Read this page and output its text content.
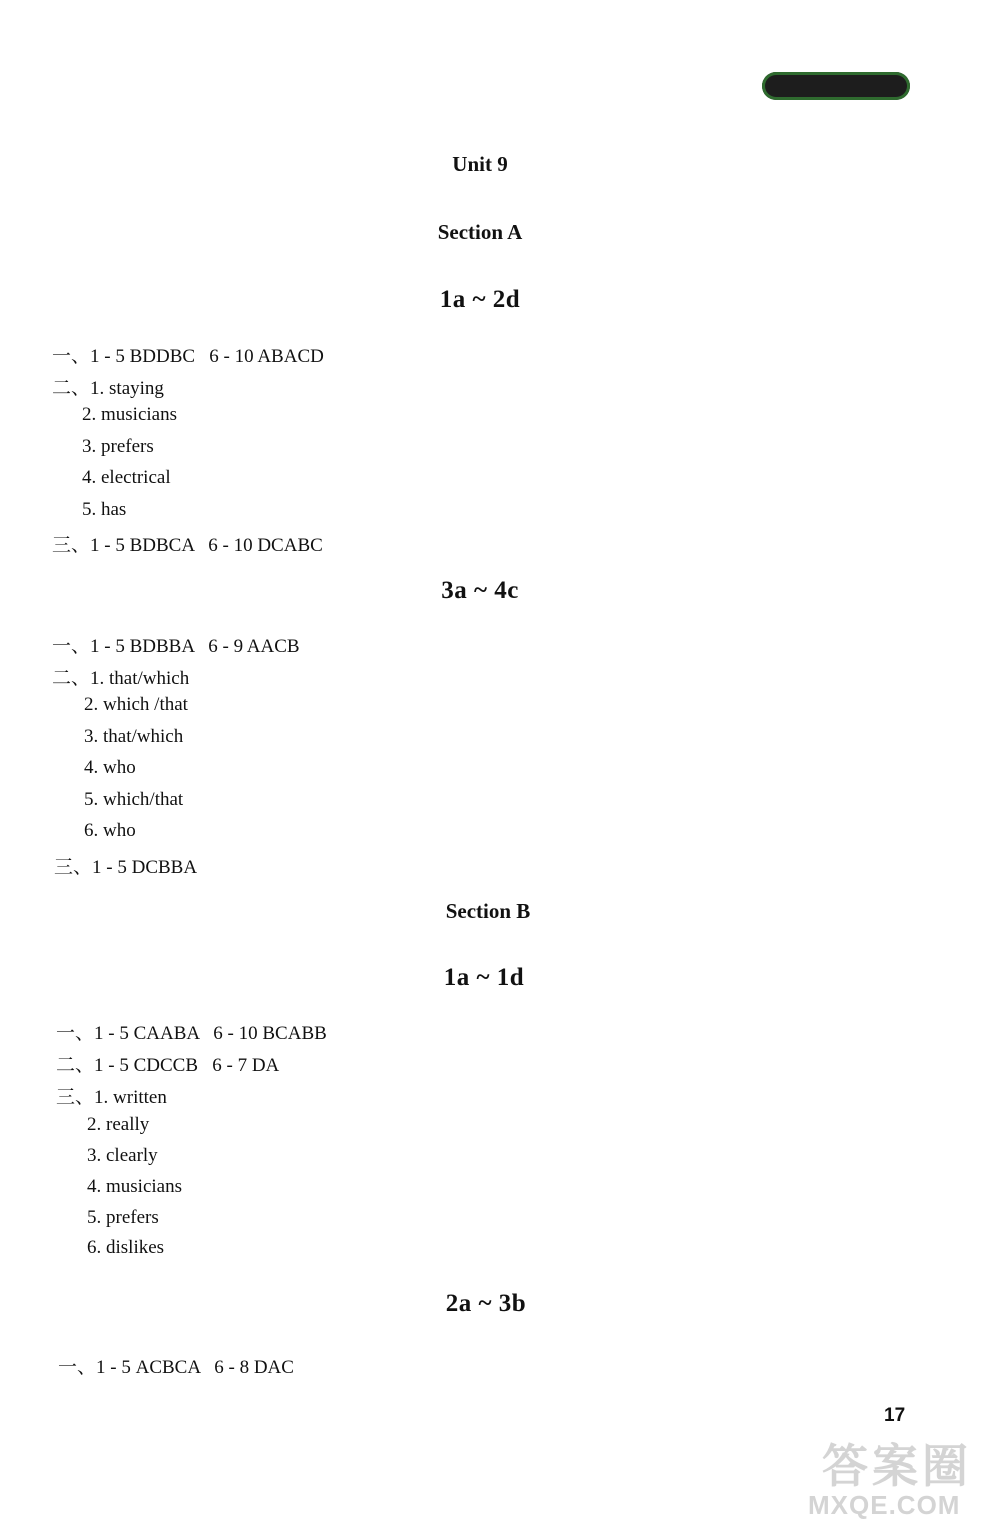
Unit 9
Section A
1a ~ 2d
一、1 - 5 BDDBC   6 - 10 ABACD
二、1. staying
2. musicians
3. prefers
4. electrical
5. has
三、1 - 5 BDBCA   6 - 10 DCABC
3a ~ 4c
一、1 - 5 BDBBA   6 - 9 AACB
二、1. that/which
2. which /that
3. that/which
4. who
5. which/that
6. who
三、1 - 5 DCBBA
Section B
1a ~ 1d
一、1 - 5 CAABA   6 - 10 BCABB
二、1 - 5 CDCCB   6 - 7 DA
三、1. written
2. really
3. clearly
4. musicians
5. prefers
6. dislikes
2a ~ 3b
一、1 - 5 ACBCA   6 - 8 DAC
17
答案圈
MXQE.COM
